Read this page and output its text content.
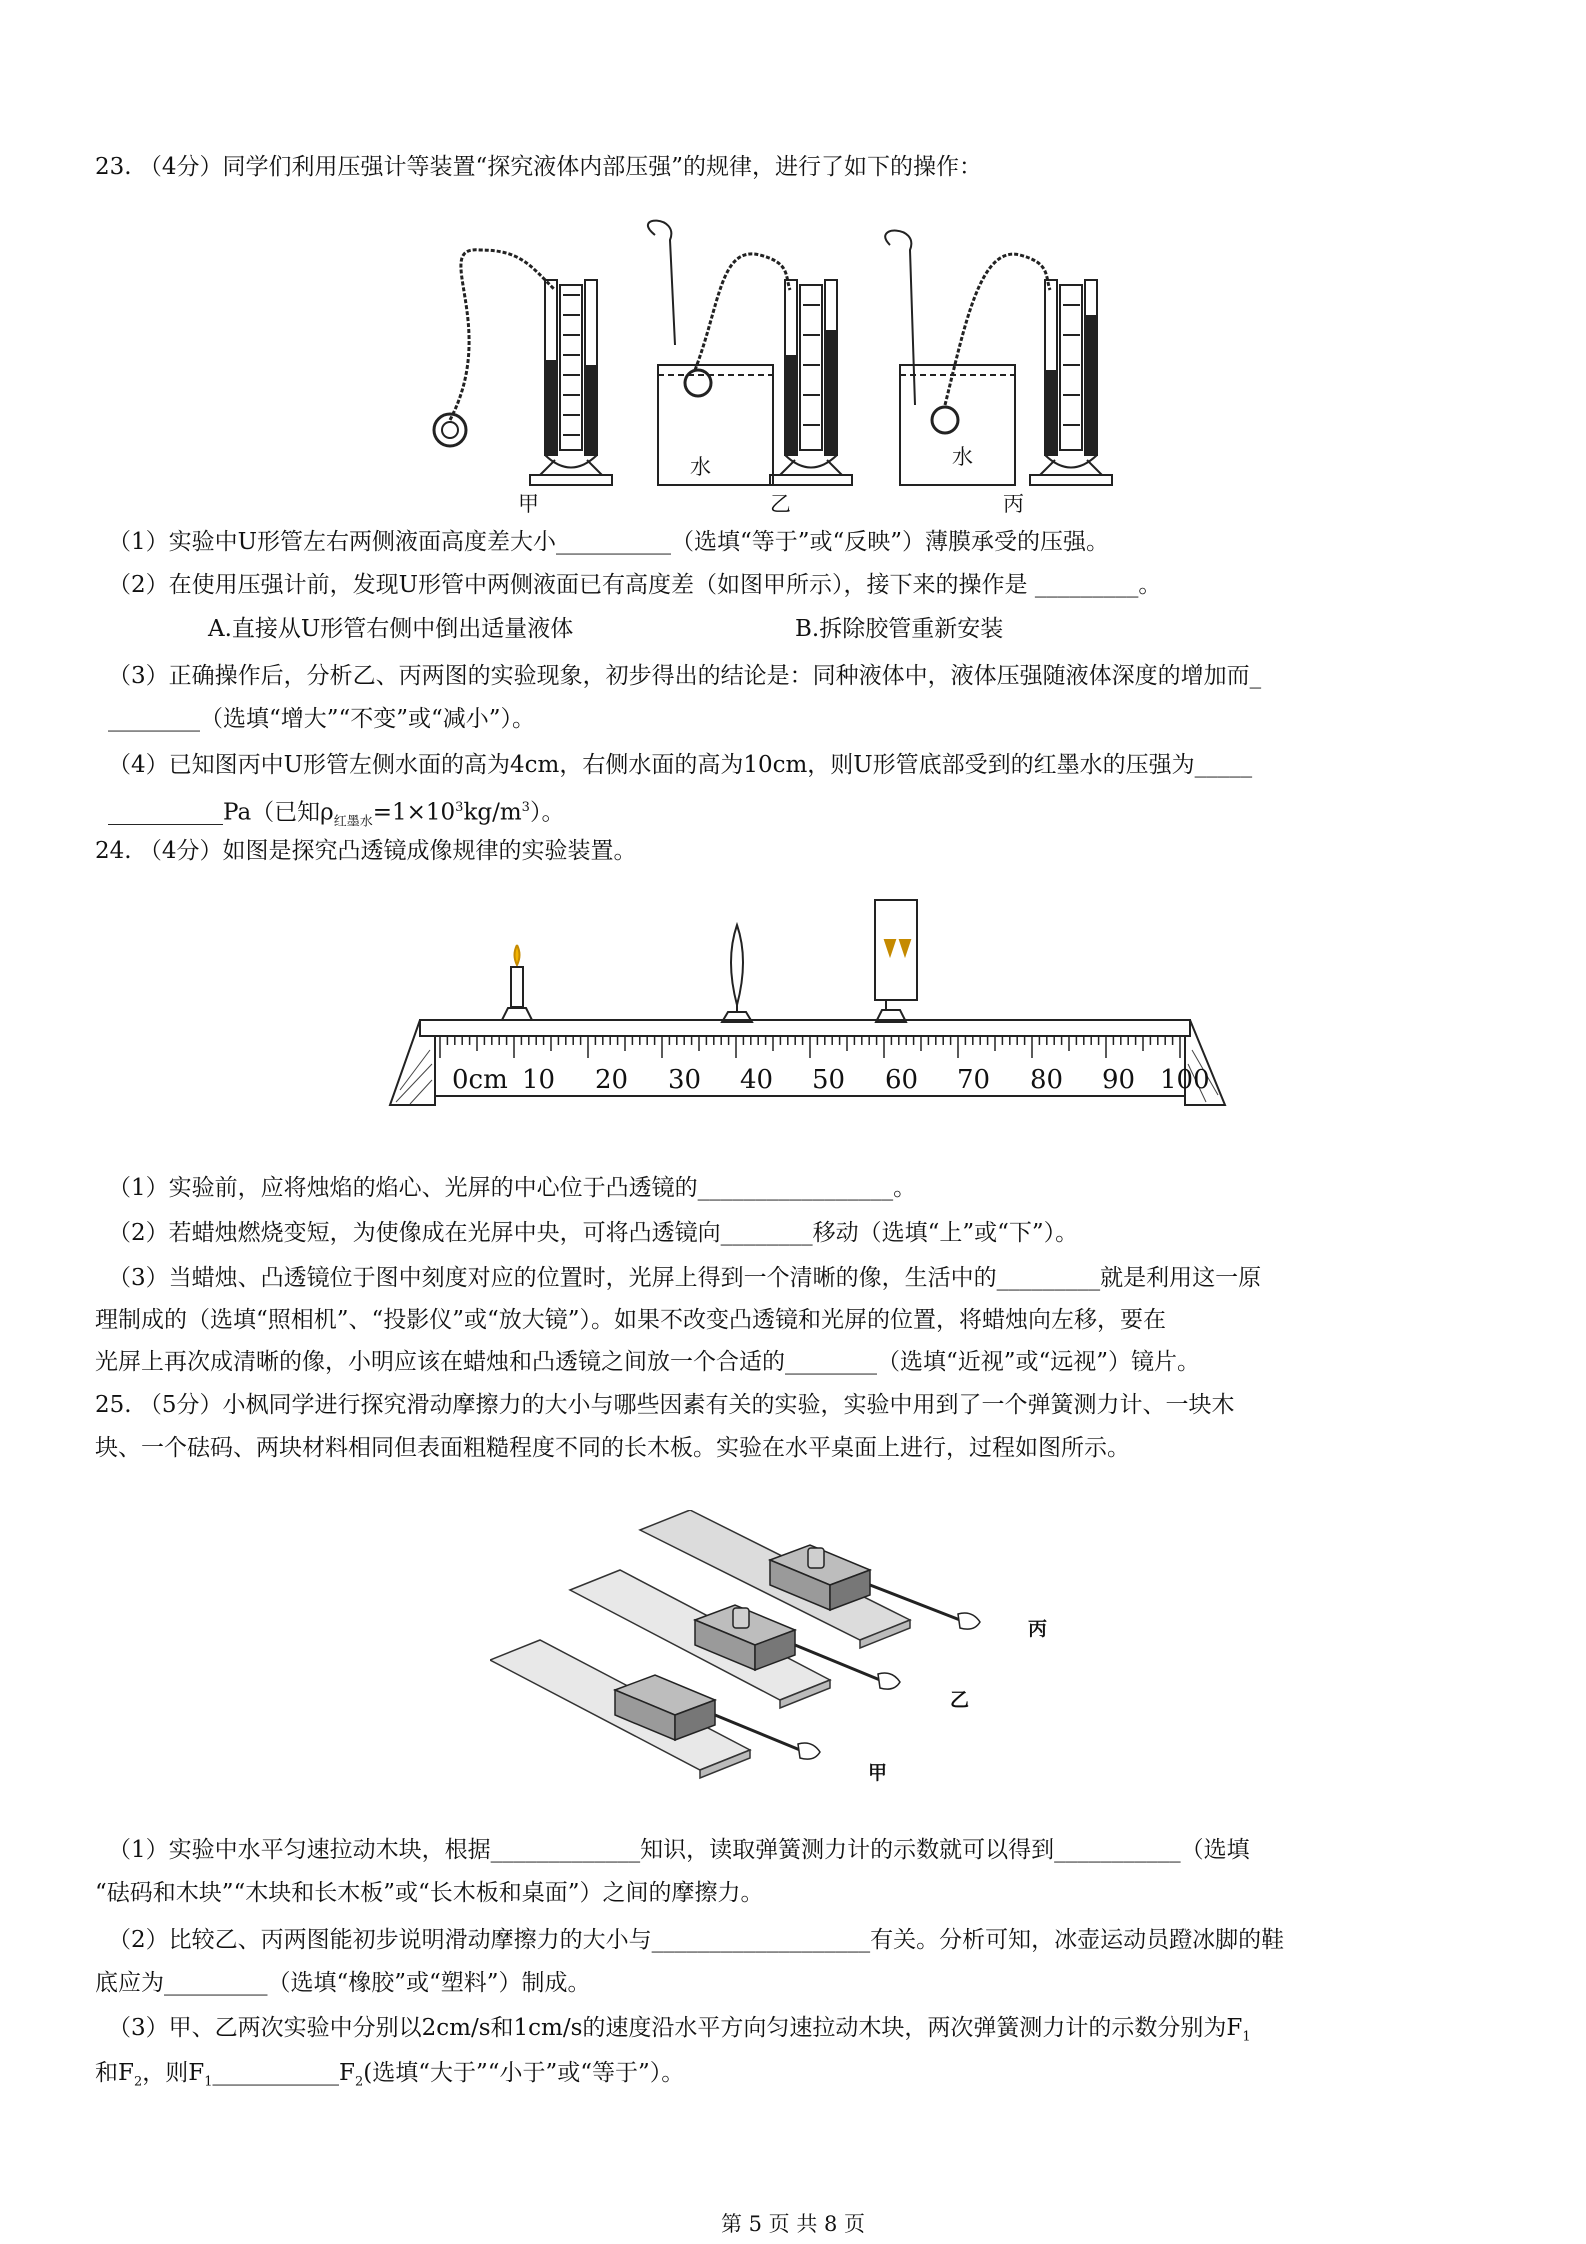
23. （4分）同学们利用压强计等装置“探究液体内部压强”的规律，进行了如下的操作：
水	水
甲	乙	丙
（1）实验中U形管左右两侧液面高度差大小__________（选填“等于”或“反映”）薄膜承受的压强。
（2）在使用压强计前，发现U形管中两侧液面已有高度差（如图甲所示），接下来的操作是 _________。
A.直接从U形管右侧中倒出适量液体	B.拆除胶管重新安装
（3）正确操作后，分析乙、丙两图的实验现象，初步得出的结论是：同种液体中，液体压强随液体深度的增加而_
________（选填“增大”“不变”或“减小”）。
（4）已知图丙中U形管左侧水面的高为4cm，右侧水面的高为10cm，则U形管底部受到的红墨水的压强为_____
__________Pa（已知$\rho_{红墨水}=1\times 10^3kg/m^3$）。
24. （4分）如图是探究凸透镜成像规律的实验装置。
0cm 10 20 30 40 50 60 70 80 90 100
（1）实验前，应将烛焰的焰心、光屏的中心位于凸透镜的_________________。
（2）若蜡烛燃烧变短，为使像成在光屏中央，可将凸透镜向________移动（选填“上”或“下”）。
（3）当蜡烛、凸透镜位于图中刻度对应的位置时，光屏上得到一个清晰的像，生活中的_________就是利用这一原
理制成的（选填“照相机”、“投影仪”或“放大镜”）。如果不改变凸透镜和光屏的位置，将蜡烛向左移，要在
光屏上再次成清晰的像，小明应该在蜡烛和凸透镜之间放一个合适的________（选填“近视”或“远视”）镜片。
25. （5分）小枫同学进行探究滑动摩擦力的大小与哪些因素有关的实验，实验中用到了一个弹簧测力计、一块木
块、一个砝码、两块材料相同但表面粗糙程度不同的长木板。实验在水平桌面上进行，过程如图所示。
丙
乙
甲
（1）实验中水平匀速拉动木块，根据_____________知识，读取弹簧测力计的示数就可以得到___________（选填
“砝码和木块”“木块和长木板”或“长木板和桌面”）之间的摩擦力。
（2）比较乙、丙两图能初步说明滑动摩擦力的大小与___________________有关。分析可知，冰壶运动员蹬冰脚的鞋
底应为_________（选填“橡胶”或“塑料”）制成。
（3）甲、乙两次实验中分别以2cm/s和1cm/s的速度沿水平方向匀速拉动木块，两次弹簧测力计的示数分别为$F_1$
和$F_2$，则$F_1\_\_\_\_\_\_\_\_\_\_\_F_2$(选填“大于”“小于”或“等于”）。
第 5 页 共 8 页
